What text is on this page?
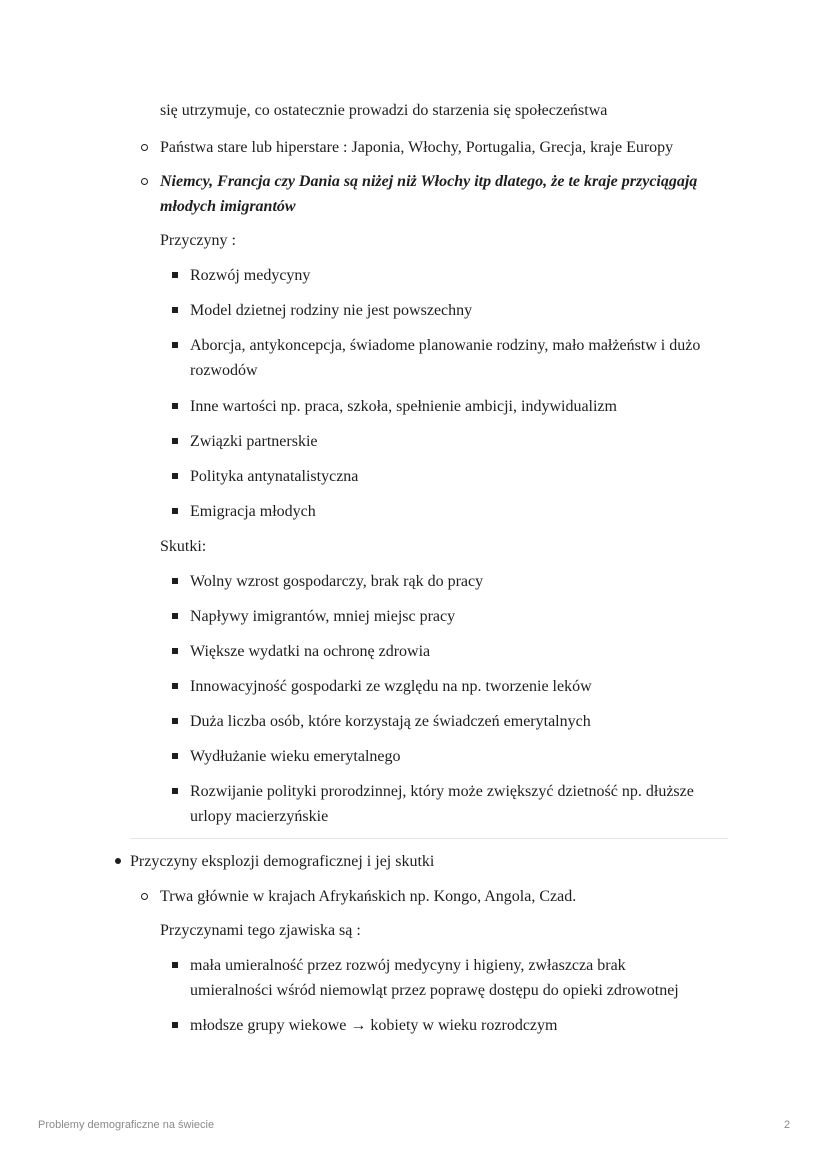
się utrzymuje, co ostatecznie prowadzi do starzenia się społeczeństwa
Państwa stare lub hiperstare : Japonia, Włochy, Portugalia, Grecja, kraje Europy
Niemcy, Francja czy Dania są niżej niż Włochy itp dlatego, że te kraje przyciągają
młodych imigrantów
Przyczyny :
Rozwój medycyny
Model dzietnej rodziny nie jest powszechny
Aborcja, antykoncepcja, świadome planowanie rodziny, mało małżeństw i dużo
rozwodów
Inne wartości np. praca, szkoła, spełnienie ambicji, indywidualizm
Związki partnerskie
Polityka antynatalistyczna
Emigracja młodych
Skutki:
Wolny wzrost gospodarczy, brak rąk do pracy
Napływy imigrantów, mniej miejsc pracy
Większe wydatki na ochronę zdrowia
Innowacyjność gospodarki ze względu na np. tworzenie leków
Duża liczba osób, które korzystają ze świadczeń emerytalnych
Wydłużanie wieku emerytalnego
Rozwijanie polityki prorodzinnej, który może zwiększyć dzietność np. dłuższe
urlopy macierzyńskie
Przyczyny eksplozji demograficznej i jej skutki
Trwa głównie w krajach Afrykańskich np. Kongo, Angola, Czad.
Przyczynami tego zjawiska są :
mała umieralność przez rozwój medycyny i higieny, zwłaszcza brak
umieralności wśród niemowląt przez poprawę dostępu do opieki zdrowotnej
młodsze grupy wiekowe → kobiety w wieku rozrodczym
Problemy demograficzne na świecie	2
